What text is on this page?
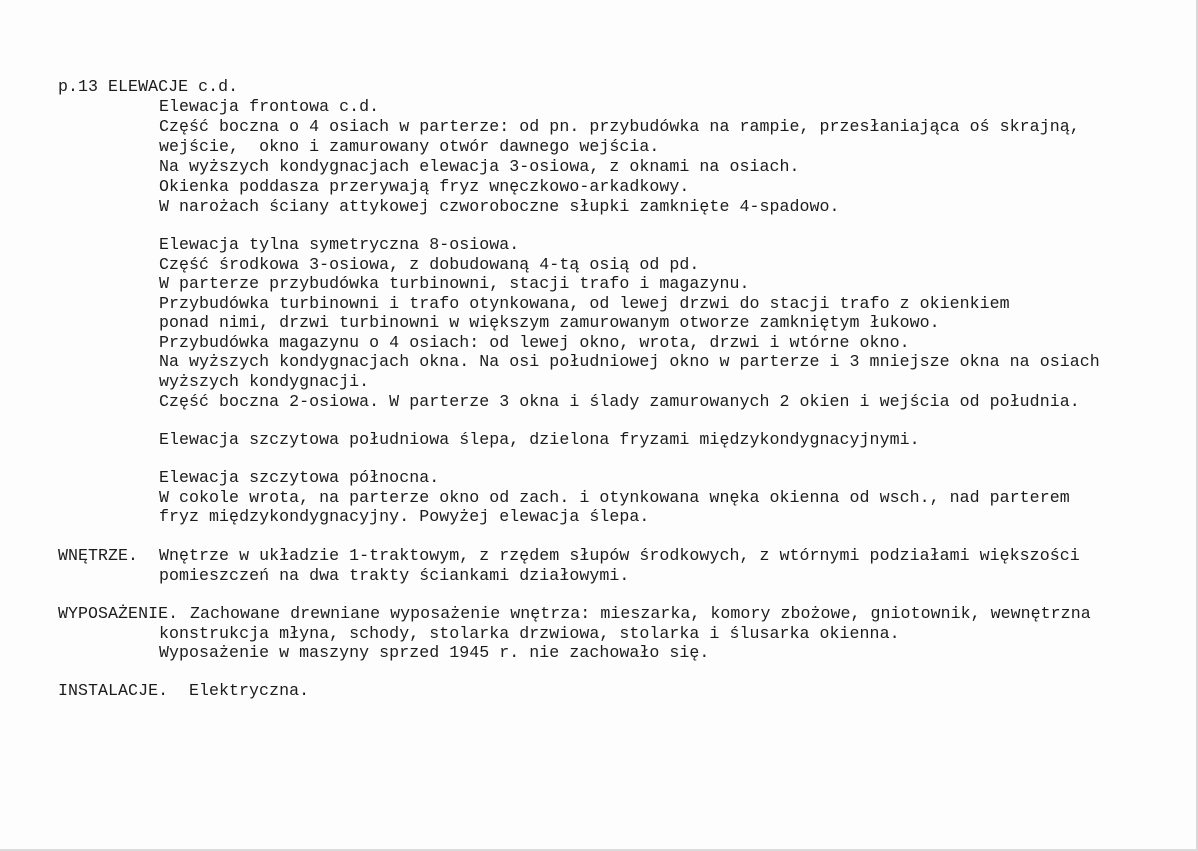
p.13 ELEWACJE c.d.
Elewacja frontowa c.d.
Część boczna o 4 osiach w parterze: od pn. przybudówka na rampie, przesłaniająca oś skrajną,
wejście,  okno i zamurowany otwór dawnego wejścia.
Na wyższych kondygnacjach elewacja 3-osiowa, z oknami na osiach.
Okienka poddasza przerywają fryz wnęczkowo-arkadkowy.
W narożach ściany attykowej czworoboczne słupki zamknięte 4-spadowo.
Elewacja tylna symetryczna 8-osiowa.
Część środkowa 3-osiowa, z dobudowaną 4-tą osią od pd.
W parterze przybudówka turbinowni, stacji trafo i magazynu.
Przybudówka turbinowni i trafo otynkowana, od lewej drzwi do stacji trafo z okienkiem
ponad nimi, drzwi turbinowni w większym zamurowanym otworze zamkniętym łukowo.
Przybudówka magazynu o 4 osiach: od lewej okno, wrota, drzwi i wtórne okno.
Na wyższych kondygnacjach okna. Na osi południowej okno w parterze i 3 mniejsze okna na osiach
wyższych kondygnacji.
Część boczna 2-osiowa. W parterze 3 okna i ślady zamurowanych 2 okien i wejścia od południa.
Elewacja szczytowa południowa ślepa, dzielona fryzami międzykondygnacyjnymi.
Elewacja szczytowa północna.
W cokole wrota, na parterze okno od zach. i otynkowana wnęka okienna od wsch., nad parterem
fryz międzykondygnacyjny. Powyżej elewacja ślepa.
WNĘTRZE. Wnętrze w układzie 1-traktowym, z rzędem słupów środkowych, z wtórnymi podziałami większości
pomieszczeń na dwa trakty ściankami działowymi.
WYPOSAŻENIE. Zachowane drewniane wyposażenie wnętrza: mieszarka, komory zbożowe, gniotownik, wewnętrzna
konstrukcja młyna, schody, stolarka drzwiowa, stolarka i ślusarka okienna.
Wyposażenie w maszyny sprzed 1945 r. nie zachowało się.
INSTALACJE. Elektryczna.
